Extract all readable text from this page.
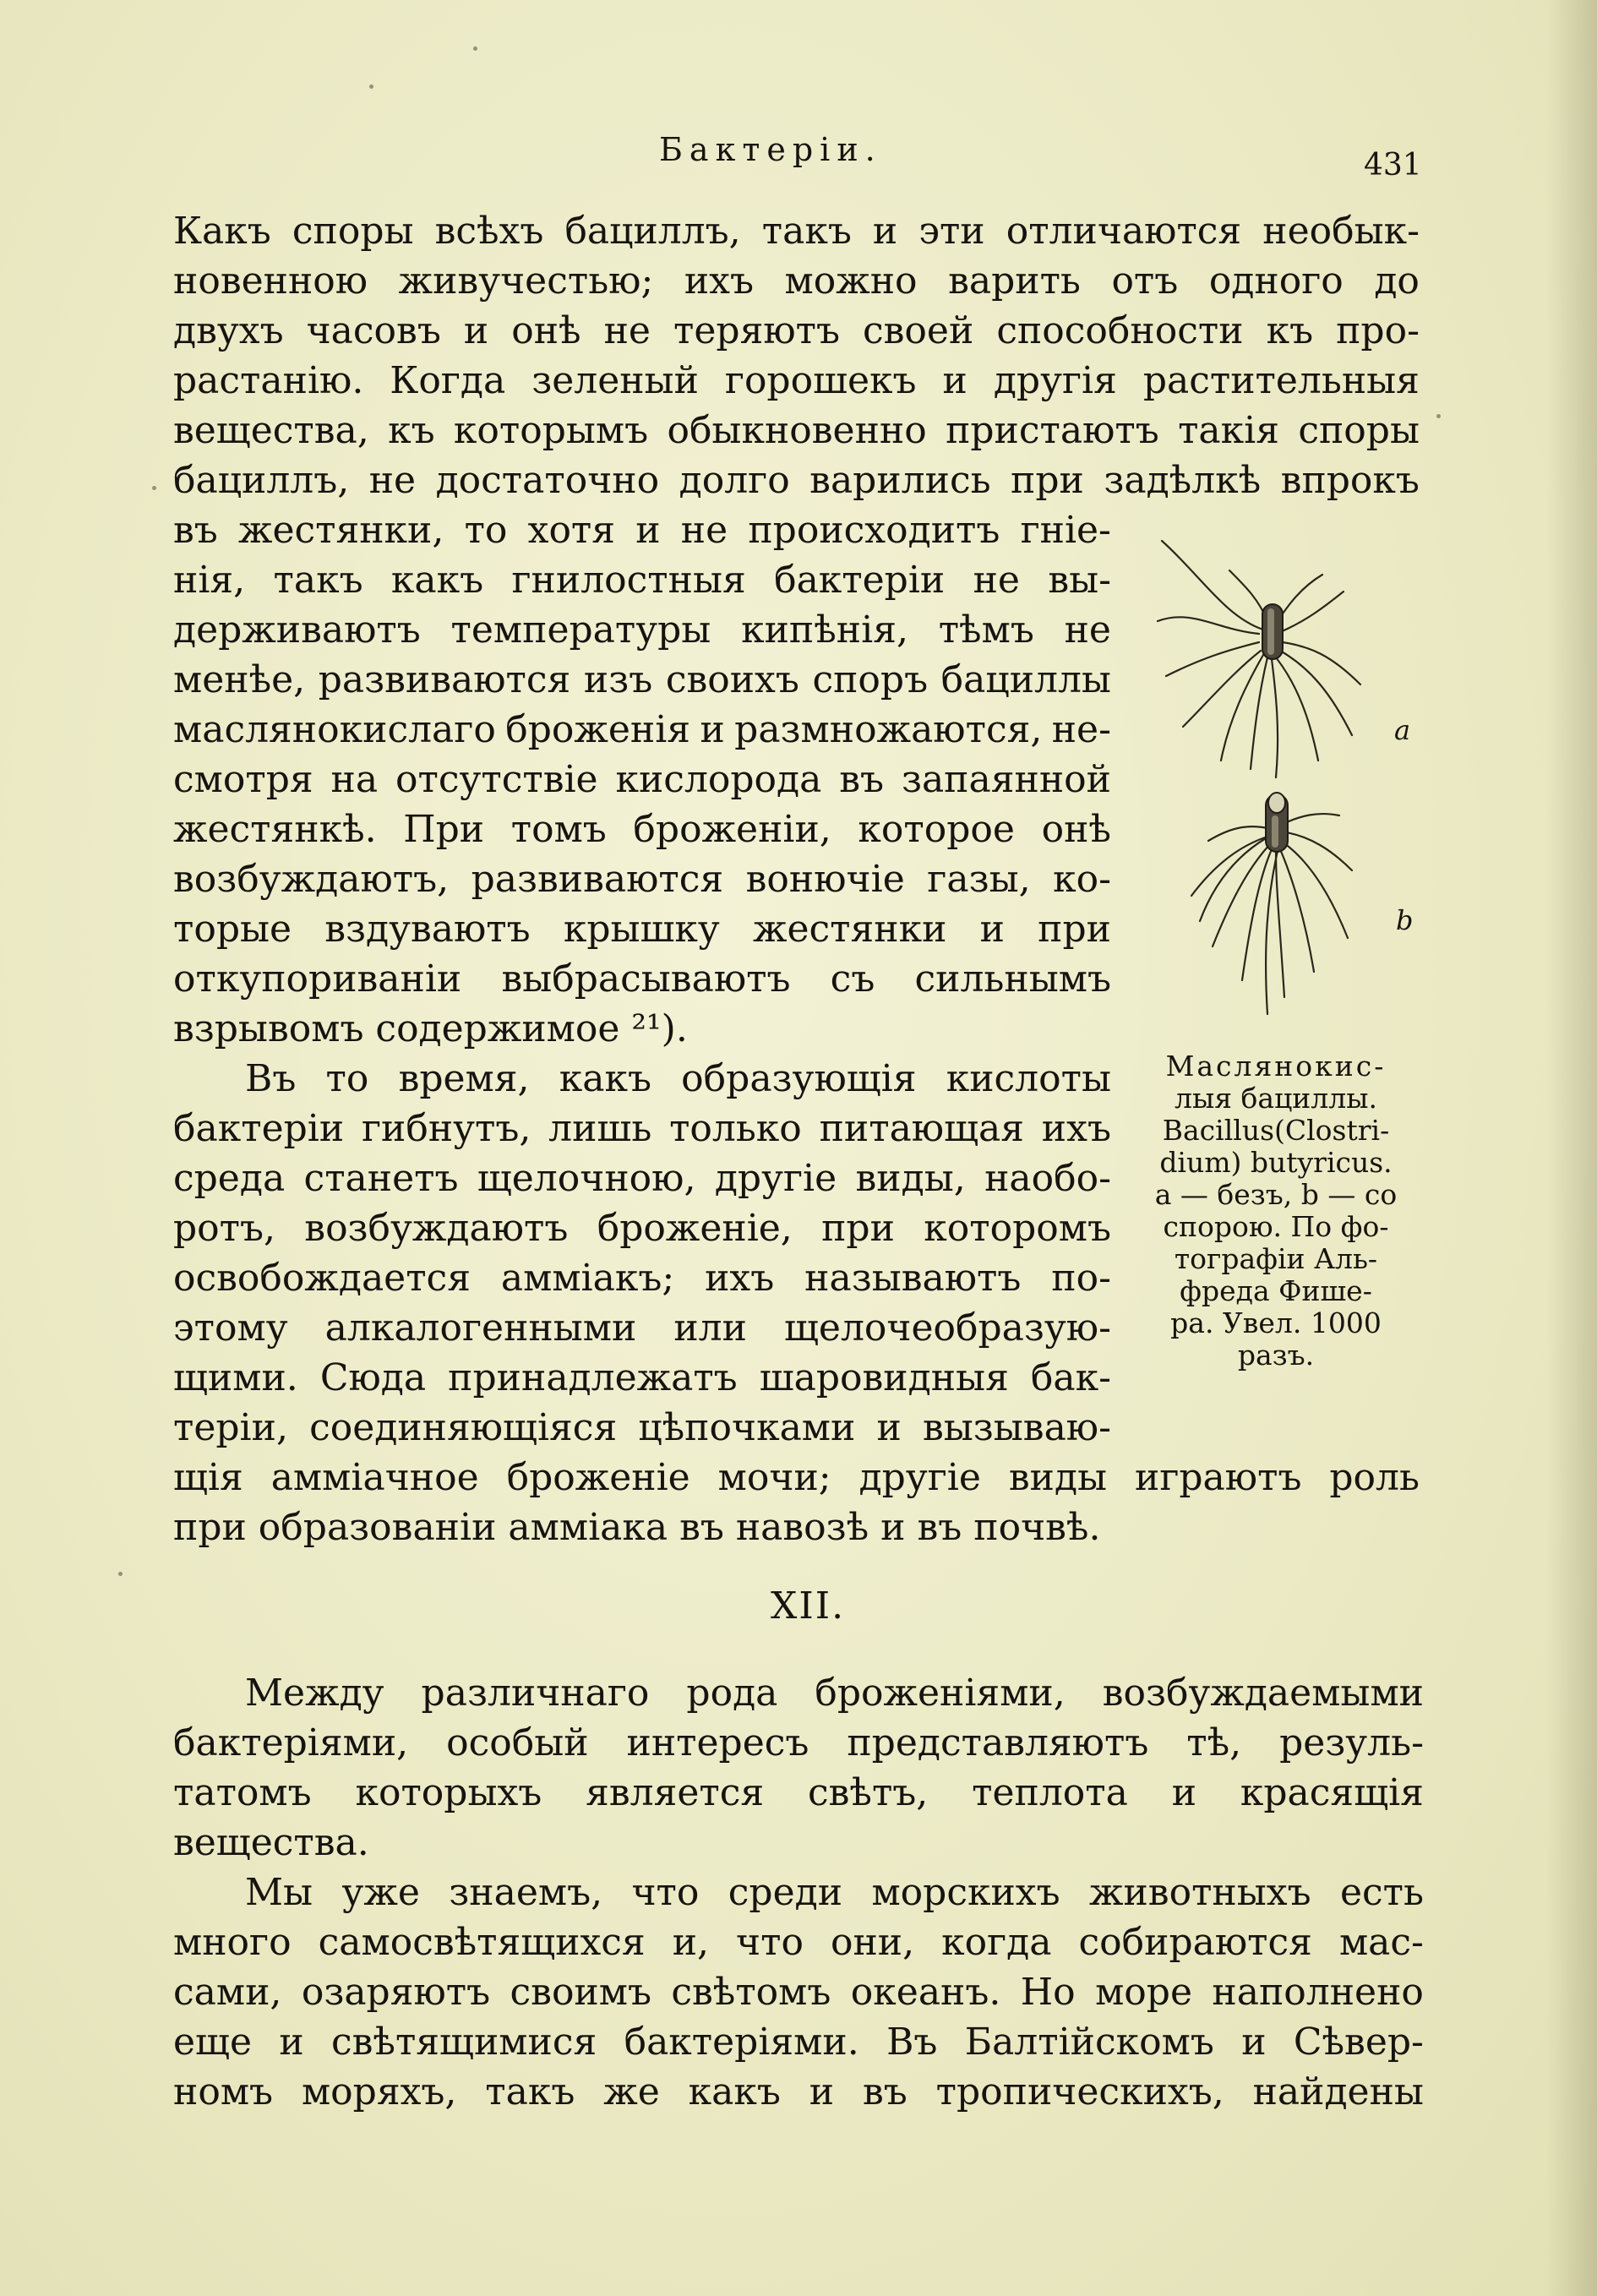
Бактеріи.	431
Какъ споры всѣхъ бациллъ, такъ и эти отличаются необык-
новенною живучестью; ихъ можно варить отъ одного до
двухъ часовъ и онѣ не теряютъ своей способности къ про-
растанію. Когда зеленый горошекъ и другія растительныя
вещества, къ которымъ обыкновенно пристаютъ такія споры
бациллъ, не достаточно долго варились при задѣлкѣ впрокъ
въ жестянки, то хотя и не происходитъ гніе-
нія, такъ какъ гнилостныя бактеріи не вы-
держиваютъ температуры кипѣнія, тѣмъ не
менѣе, развиваются изъ своихъ споръ бациллы
маслянокислаго броженія и размножаются, не-
смотря на отсутствіе кислорода въ запаянной
жестянкѣ. При томъ броженіи, которое онѣ
возбуждаютъ, развиваются вонючіе газы, ко-
торые вздуваютъ крышку жестянки и при
откупориваніи выбрасываютъ съ сильнымъ
взрывомъ содержимое ²¹).
Въ то время, какъ образующія кислоты
бактеріи гибнутъ, лишь только питающая ихъ
среда станетъ щелочною, другіе виды, наобо-
ротъ, возбуждаютъ броженіе, при которомъ
освобождается амміакъ; ихъ называютъ по-
этому алкалогенными или щелочеобразую-
щими. Сюда принадлежатъ шаровидныя бак-
теріи, соединяющіяся цѣпочками и вызываю-
щія амміачное броженіе мочи; другіе виды играютъ роль
при образованіи амміака въ навозѣ и въ почвѣ.
a
b
Маслянокис-
лыя бациллы.
Bacillus(Clostri-
dium) butyricus.
a — безъ, b — со
спорою. По фо-
тографіи Аль-
фреда Фише-
ра. Увел. 1000
разъ.
XII.
Между различнаго рода броженіями, возбуждаемыми
бактеріями, особый интересъ представляютъ тѣ, резуль-
татомъ которыхъ является свѣтъ, теплота и красящія
вещества.
Мы уже знаемъ, что среди морскихъ животныхъ есть
много самосвѣтящихся и, что они, когда собираются мас-
сами, озаряютъ своимъ свѣтомъ океанъ. Но море наполнено
еще и свѣтящимися бактеріями. Въ Балтійскомъ и Сѣвер-
номъ моряхъ, такъ же какъ и въ тропическихъ, найдены
